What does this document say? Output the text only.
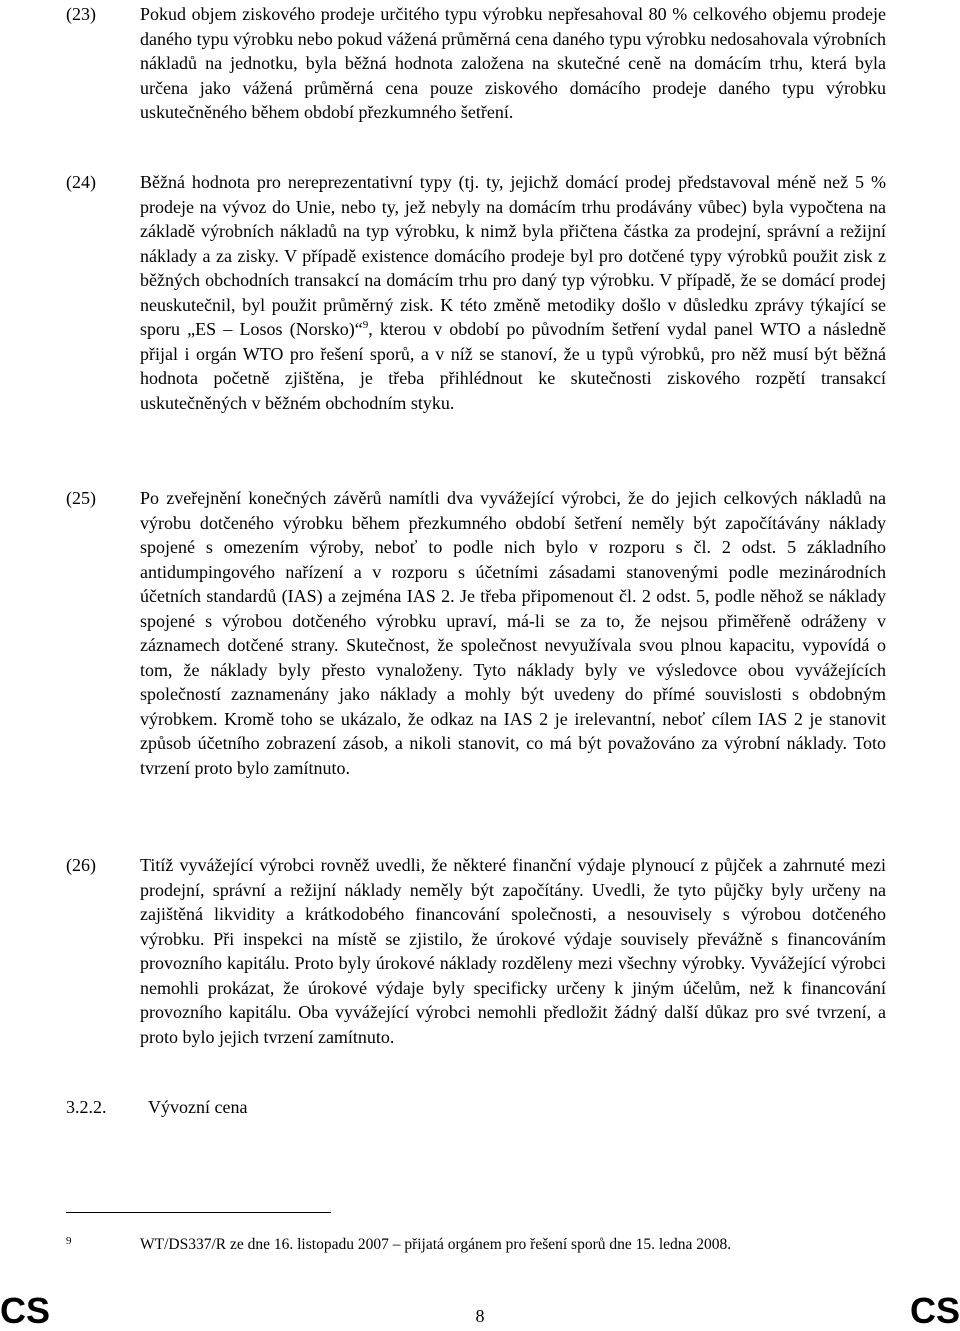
(23) Pokud objem ziskového prodeje určitého typu výrobku nepřesahoval 80 % celkového objemu prodeje daného typu výrobku nebo pokud vážená průměrná cena daného typu výrobku nedosahovala výrobních nákladů na jednotku, byla běžná hodnota založena na skutečné ceně na domácím trhu, která byla určena jako vážená průměrná cena pouze ziskového domácího prodeje daného typu výrobku uskutečněného během období přezkumného šetření.
(24) Běžná hodnota pro nereprezentativní typy (tj. ty, jejichž domácí prodej představoval méně než 5 % prodeje na vývoz do Unie, nebo ty, jež nebyly na domácím trhu prodávány vůbec) byla vypočtena na základě výrobních nákladů na typ výrobku, k nimž byla přičtena částka za prodejní, správní a režijní náklady a za zisky. V případě existence domácího prodeje byl pro dotčené typy výrobků použit zisk z běžných obchodních transakcí na domácím trhu pro daný typ výrobku. V případě, že se domácí prodej neuskutečnil, byl použit průměrný zisk. K této změně metodiky došlo v důsledku zprávy týkající se sporu „ES – Losos (Norsko)“$^9$, kterou v období po původním šetření vydal panel WTO a následně přijal i orgán WTO pro řešení sporů, a v níž se stanoví, že u typů výrobků, pro něž musí být běžná hodnota početně zjištěna, je třeba přihlédnout ke skutečnosti ziskového rozpětí transakcí uskutečněných v běžném obchodním styku.
(25) Po zveřejnění konečných závěrů namítli dva vyvážející výrobci, že do jejich celkových nákladů na výrobu dotčeného výrobku během přezkumného období šetření neměly být započítávány náklady spojené s omezením výroby, neboť to podle nich bylo v rozporu s čl. 2 odst. 5 základního antidumpingového nařízení a v rozporu s účetními zásadami stanovenými podle mezinárodních účetních standardů (IAS) a zejména IAS 2. Je třeba připomenout čl. 2 odst. 5, podle něhož se náklady spojené s výrobou dotčeného výrobku upraví, má-li se za to, že nejsou přiměřeně odráženy v záznamech dotčené strany. Skutečnost, že společnost nevyužívala svou plnou kapacitu, vypovídá o tom, že náklady byly přesto vynaloženy. Tyto náklady byly ve výsledovce obou vyvážejících společností zaznamenány jako náklady a mohly být uvedeny do přímé souvislosti s obdobným výrobkem. Kromě toho se ukázalo, že odkaz na IAS 2 je irelevantní, neboť cílem IAS 2 je stanovit způsob účetního zobrazení zásob, a nikoli stanovit, co má být považováno za výrobní náklady. Toto tvrzení proto bylo zamítnuto.
(26) Titíž vyvážející výrobci rovněž uvedli, že některé finanční výdaje plynoucí z půjček a zahrnuté mezi prodejní, správní a režijní náklady neměly být započítány. Uvedli, že tyto půjčky byly určeny na zajištěná likvidity a krátkodobého financování společnosti, a nesouvisely s výrobou dotčeného výrobku. Při inspekci na místě se zjistilo, že úrokové výdaje souvisely převážně s financováním provozního kapitálu. Proto byly úrokové náklady rozděleny mezi všechny výrobky. Vyvážející výrobci nemohli prokázat, že úrokové výdaje byly specificky určeny k jiným účelům, než k financování provozního kapitálu. Oba vyvážející výrobci nemohli předložit žádný další důkaz pro své tvrzení, a proto bylo jejich tvrzení zamítnuto.
3.2.2. Vývozní cena
9	WT/DS337/R ze dne 16. listopadu 2007 – přijatá orgánem pro řešení sporů dne 15. ledna 2008.
CS	8	CS
